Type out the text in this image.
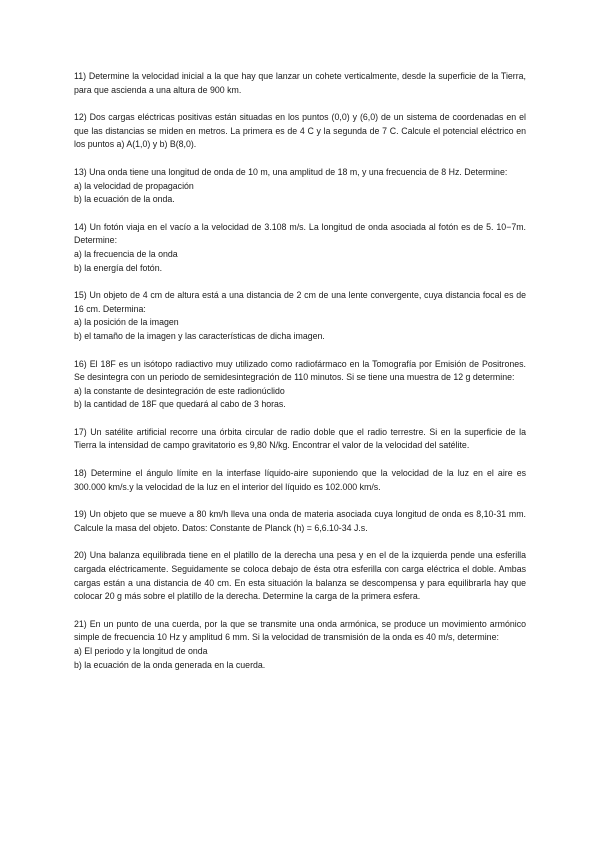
11) Determine la velocidad inicial a la que hay que lanzar un cohete verticalmente, desde la superficie de la Tierra, para que ascienda a una altura de 900 km.

12) Dos cargas eléctricas positivas están situadas en los puntos (0,0) y (6,0) de un sistema de coordenadas en el que las distancias se miden en metros. La primera es de 4 C y la segunda de 7 C. Calcule el potencial eléctrico en los puntos a) A(1,0) y b) B(8,0).

13) Una onda tiene una longitud de onda de 10 m, una amplitud de 18 m, y una frecuencia de 8 Hz. Determine:

a) la velocidad de propagación

b) la ecuación de la onda.

14) Un fotón viaja en el vacío a la velocidad de 3.108 m/s. La longitud de onda asociada al fotón es de 5. 10−7m. Determine:

a) la frecuencia de la onda

b) la energía del fotón.

15) Un objeto de 4 cm de altura está a una distancia de 2 cm de una lente convergente, cuya distancia focal es de 16 cm. Determina:

a) la posición de la imagen

b) el tamaño de la imagen y las características de dicha imagen.

16) El 18F es un isótopo radiactivo muy utilizado como radiofármaco en la Tomografía por Emisión de Positrones. Se desintegra con un periodo de semidesintegración de 110 minutos. Si se tiene una muestra de 12 g determine:

a) la constante de desintegración de este radionúclido

b) la cantidad de 18F que quedará al cabo de 3 horas.

17) Un satélite artificial recorre una órbita circular de radio doble que el radio terrestre. Si en la superficie de la Tierra la intensidad de campo gravitatorio es 9,80 N/kg. Encontrar el valor de la velocidad del satélite.

18) Determine el ángulo límite en la interfase líquido-aire suponiendo que la velocidad de la luz en el aire es 300.000 km/s.y la velocidad de la luz en el interior del líquido es 102.000 km/s.

19) Un objeto que se mueve a 80 km/h lleva una onda de materia asociada cuya longitud de onda es 8,10-31 mm. Calcule la masa del objeto. Datos: Constante de Planck (h) = 6,6.10-34 J.s.

20) Una balanza equilibrada tiene en el platillo de la derecha una pesa y en el de la izquierda pende una esferilla cargada eléctricamente. Seguidamente se coloca debajo de ésta otra esferilla con carga eléctrica el doble. Ambas cargas están a una distancia de 40 cm. En esta situación la balanza se descompensa y para equilibrarla hay que colocar 20 g más sobre el platillo de la derecha. Determine la carga de la primera esfera.

21) En un punto de una cuerda, por la que se transmite una onda armónica, se produce un movimiento armónico simple de frecuencia 10 Hz y amplitud 6 mm. Si la velocidad de transmisión de la onda es 40 m/s, determine:

a) El periodo y la longitud de onda

b) la ecuación de la onda generada en la cuerda.
